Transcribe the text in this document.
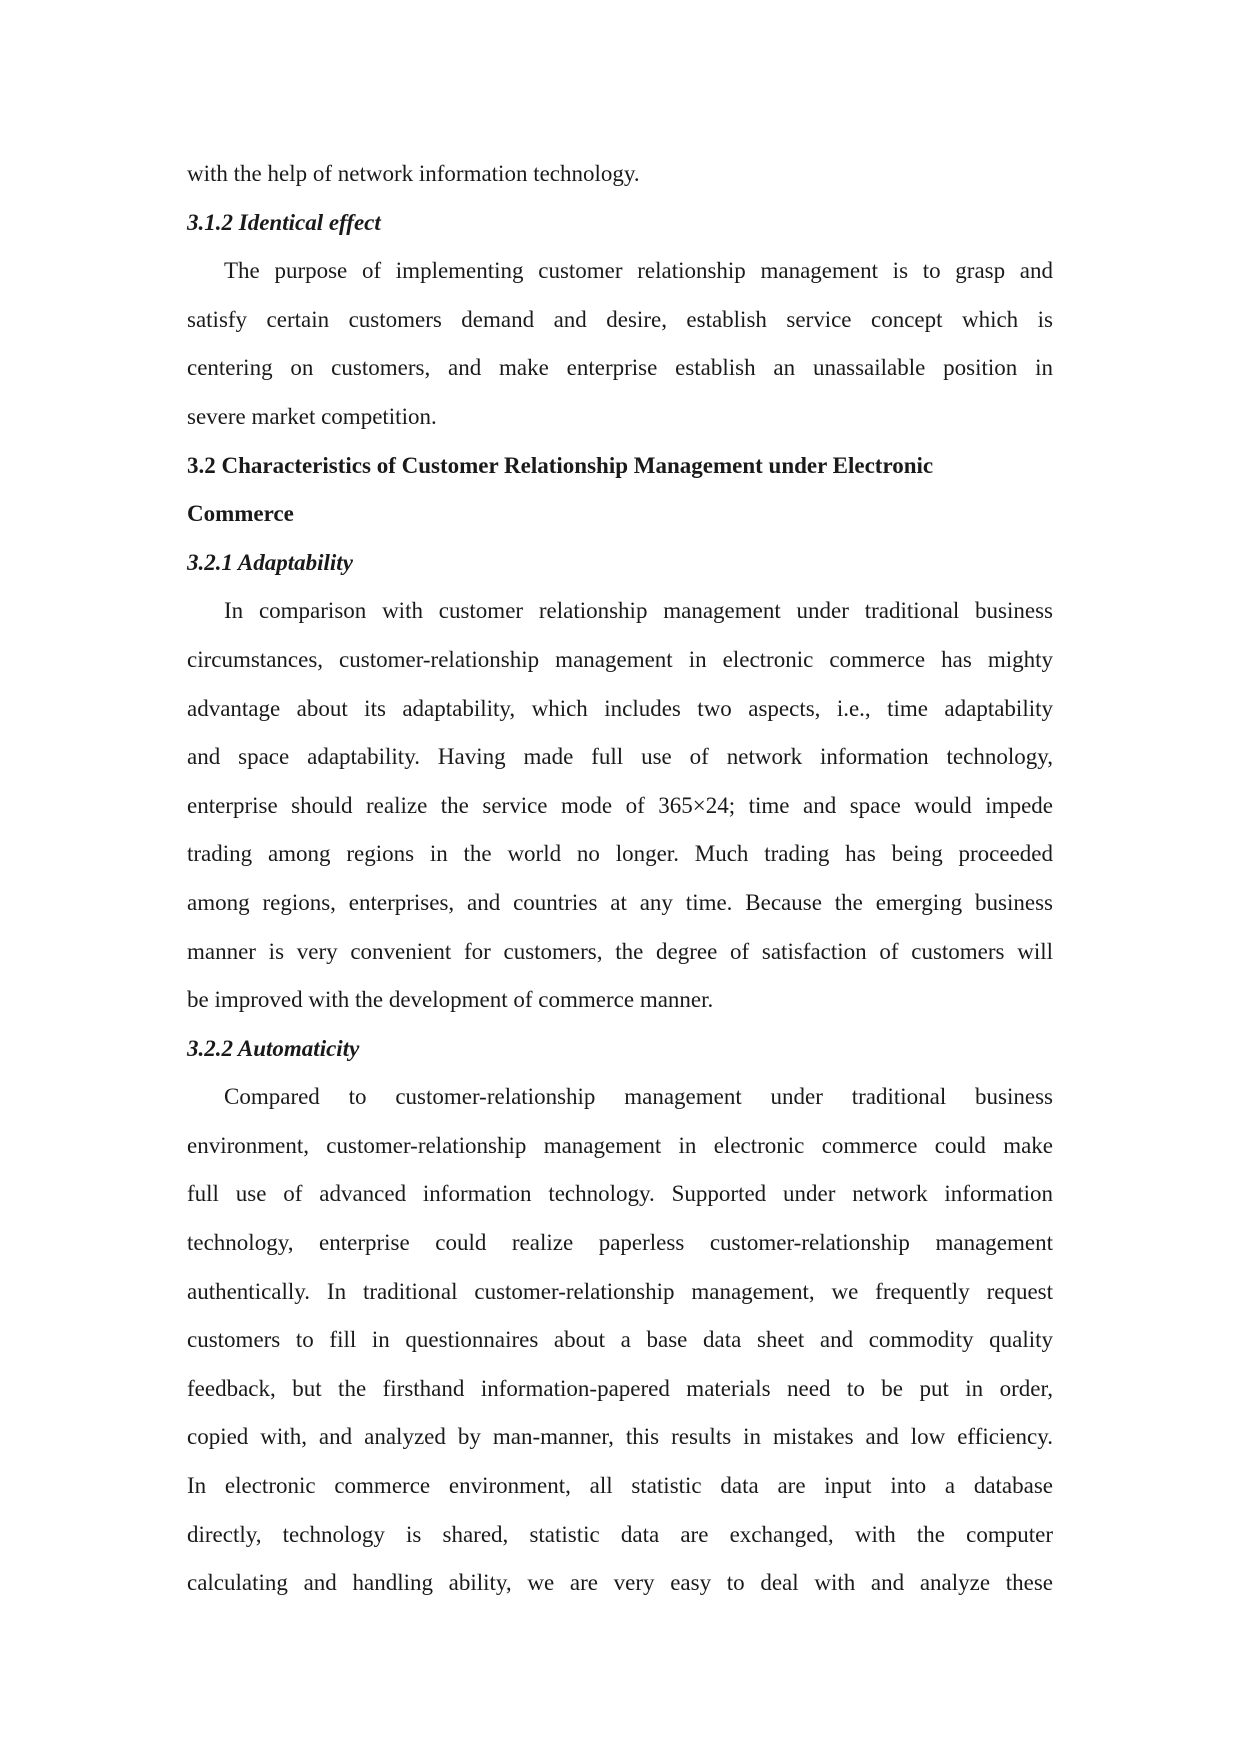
with the help of network information technology.
3.1.2 Identical effect
The purpose of implementing customer relationship management is to grasp and
satisfy certain customers demand and desire, establish service concept which is
centering on customers, and make enterprise establish an unassailable position in
severe market competition.
3.2 Characteristics of Customer Relationship Management under Electronic
Commerce
3.2.1 Adaptability
In comparison with customer relationship management under traditional business
circumstances, customer-relationship management in electronic commerce has mighty
advantage about its adaptability, which includes two aspects, i.e., time adaptability
and space adaptability. Having made full use of network information technology,
enterprise should realize the service mode of 365×24; time and space would impede
trading among regions in the world no longer. Much trading has being proceeded
among regions, enterprises, and countries at any time. Because the emerging business
manner is very convenient for customers, the degree of satisfaction of customers will
be improved with the development of commerce manner.
3.2.2 Automaticity
Compared to customer-relationship management under traditional business
environment, customer-relationship management in electronic commerce could make
full use of advanced information technology. Supported under network information
technology, enterprise could realize paperless customer-relationship management
authentically. In traditional customer-relationship management, we frequently request
customers to fill in questionnaires about a base data sheet and commodity quality
feedback, but the firsthand information-papered materials need to be put in order,
copied with, and analyzed by man-manner, this results in mistakes and low efficiency.
In electronic commerce environment, all statistic data are input into a database
directly, technology is shared, statistic data are exchanged, with the computer
calculating and handling ability, we are very easy to deal with and analyze these
